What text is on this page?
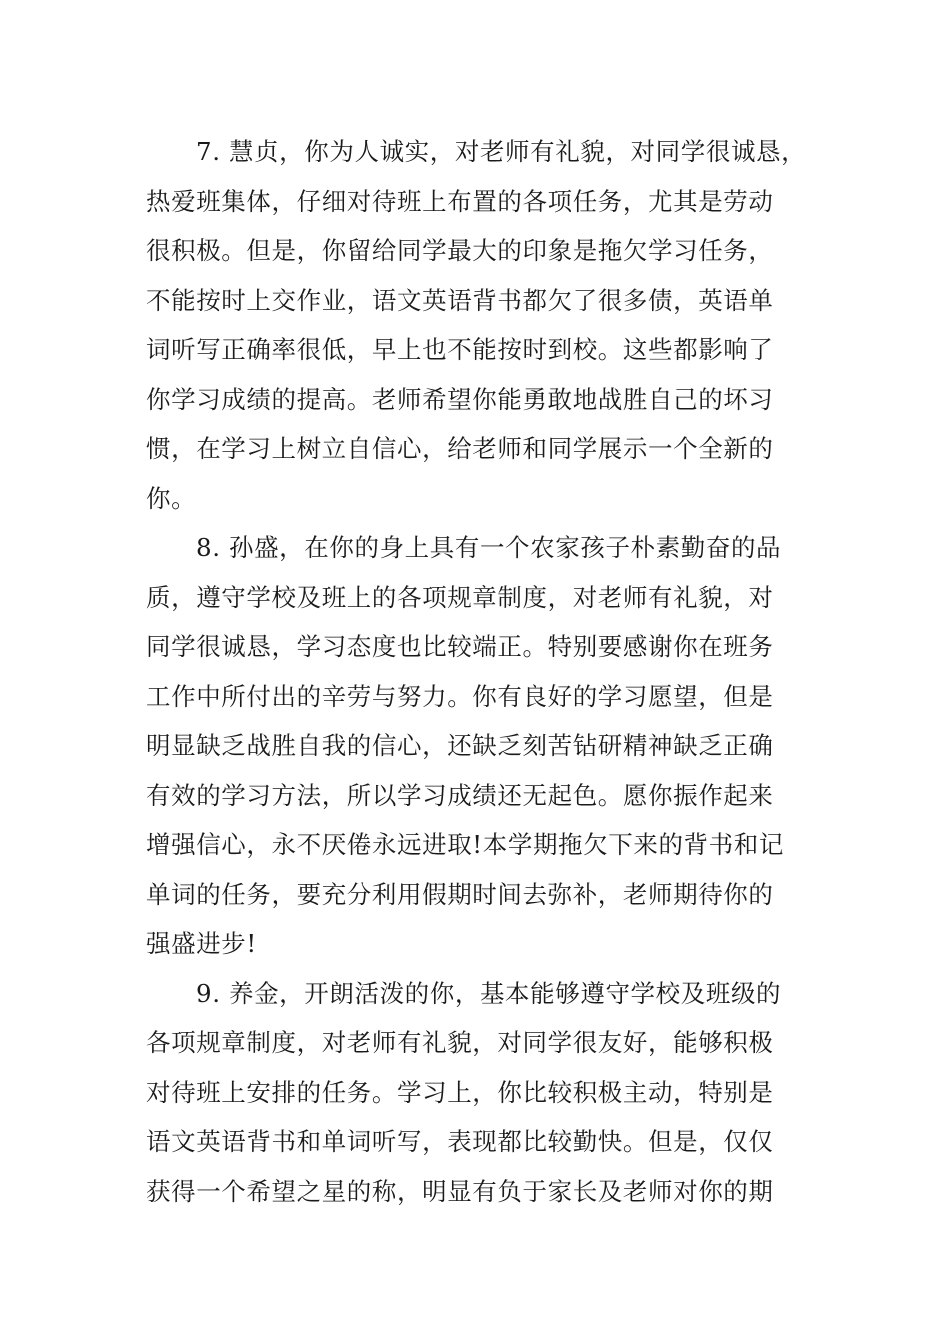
7. 慧贞，你为人诚实，对老师有礼貌，对同学很诚恳，
热爱班集体，仔细对待班上布置的各项任务，尤其是劳动
很积极。但是，你留给同学最大的印象是拖欠学习任务，
不能按时上交作业，语文英语背书都欠了很多债，英语单
词听写正确率很低，早上也不能按时到校。这些都影响了
你学习成绩的提高。老师希望你能勇敢地战胜自己的坏习
惯，在学习上树立自信心，给老师和同学展示一个全新的
你。
8. 孙盛，在你的身上具有一个农家孩子朴素勤奋的品
质，遵守学校及班上的各项规章制度，对老师有礼貌，对
同学很诚恳，学习态度也比较端正。特别要感谢你在班务
工作中所付出的辛劳与努力。你有良好的学习愿望，但是
明显缺乏战胜自我的信心，还缺乏刻苦钻研精神缺乏正确
有效的学习方法，所以学习成绩还无起色。愿你振作起来
增强信心，永不厌倦永远进取!本学期拖欠下来的背书和记
单词的任务，要充分利用假期时间去弥补，老师期待你的
强盛进步!
9. 养金，开朗活泼的你，基本能够遵守学校及班级的
各项规章制度，对老师有礼貌，对同学很友好，能够积极
对待班上安排的任务。学习上，你比较积极主动，特别是
语文英语背书和单词听写，表现都比较勤快。但是，仅仅
获得一个希望之星的称，明显有负于家长及老师对你的期
